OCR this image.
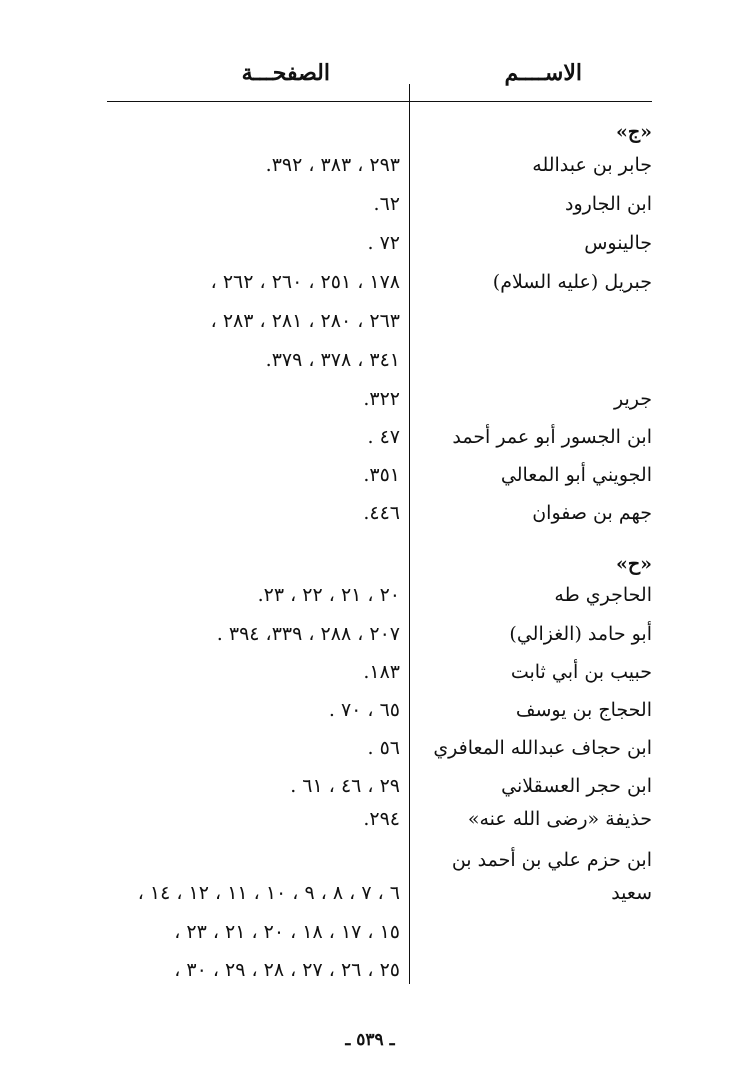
الاســــم
الصفحـــة
«ج»
جابر بن عبدالله
٢٩٣ ، ٣٨٣ ، ٣٩٢.
ابن الجارود
٦٢.
جالينوس
٧٢ .
جبريل (عليه السلام)
١٧٨ ، ٢٥١ ، ٢٦٠ ، ٢٦٢ ،
٢٦٣ ، ٢٨٠ ، ٢٨١ ، ٢٨٣ ،
٣٤١ ، ٣٧٨ ، ٣٧٩.
جرير
٣٢٢.
ابن الجسور أبو عمر أحمد
٤٧ .
الجويني أبو المعالي
٣٥١.
جهم بن صفوان
٤٤٦.
«ح»
الحاجري طه
٢٠ ، ٢١ ، ٢٢ ، ٢٣.
أبو حامد (الغزالي)
٢٠٧ ، ٢٨٨ ، ٣٣٩، ٣٩٤ .
حبيب بن أبي ثابت
١٨٣.
الحجاج بن يوسف
٦٥ ، ٧٠ .
ابن حجاف عبدالله المعافري
٥٦ .
ابن حجر العسقلاني
٢٩ ، ٤٦ ، ٦١ .
حذيفة «رضى الله عنه»
٢٩٤.
ابن حزم علي بن أحمد بن
سعيد
٦ ، ٧ ، ٨ ، ٩ ، ١٠ ، ١١ ، ١٢ ، ١٤ ،
١٥ ، ١٧ ، ١٨ ، ٢٠ ، ٢١ ، ٢٣ ،
٢٥ ، ٢٦ ، ٢٧ ، ٢٨ ، ٢٩ ، ٣٠ ،
ـ ٥٣٩ ـ
